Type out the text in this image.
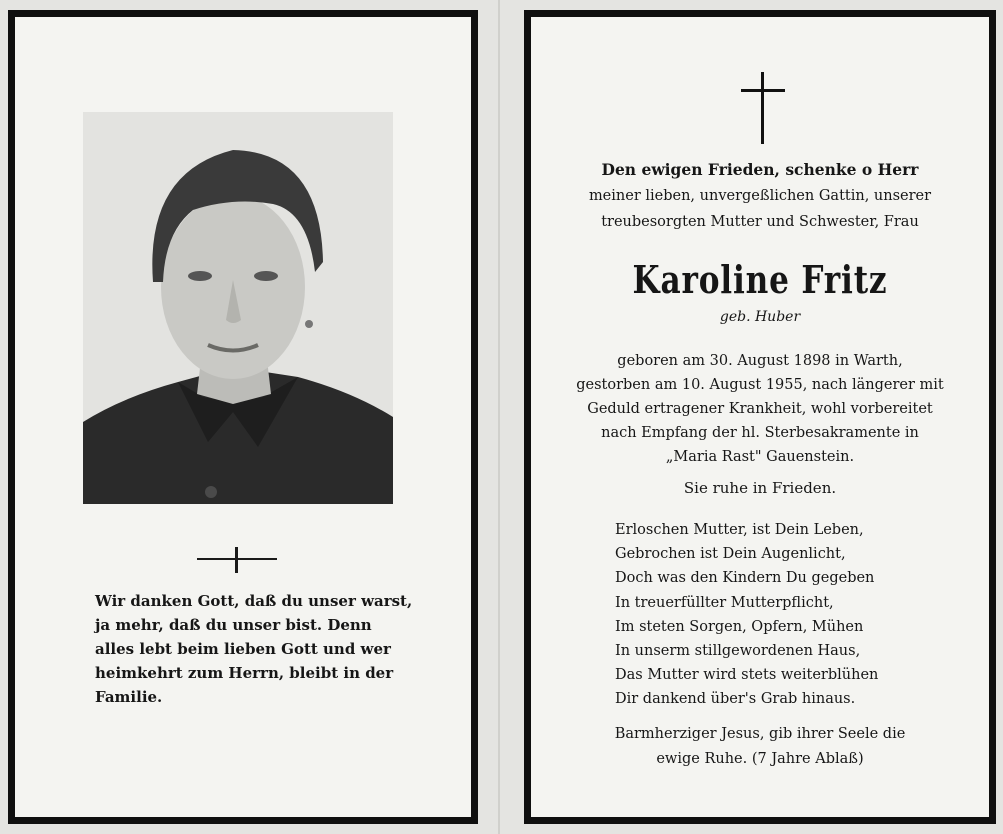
Wir danken Gott, daß du unser warst,
ja mehr, daß du unser bist. Denn
alles lebt beim lieben Gott und wer
heimkehrt zum Herrn, bleibt in der
Familie.
Den ewigen Frieden, schenke o Herr
meiner lieben, unvergeßlichen Gattin, unserer
treubesorgten Mutter und Schwester, Frau
Karoline Fritz
geb. Huber
geboren am 30. August 1898 in Warth,
gestorben am 10. August 1955, nach längerer mit
Geduld ertragener Krankheit, wohl vorbereitet
nach Empfang der hl. Sterbesakramente in
„Maria Rast" Gauenstein.
Sie ruhe in Frieden.
Erloschen Mutter, ist Dein Leben,
Gebrochen ist Dein Augenlicht,
Doch was den Kindern Du gegeben
In treuerfüllter Mutterpflicht,
Im steten Sorgen, Opfern, Mühen
In unserm stillgewordenen Haus,
Das Mutter wird stets weiterblühen
Dir dankend über's Grab hinaus.
Barmherziger Jesus, gib ihrer Seele die
ewige Ruhe. (7 Jahre Ablaß)
